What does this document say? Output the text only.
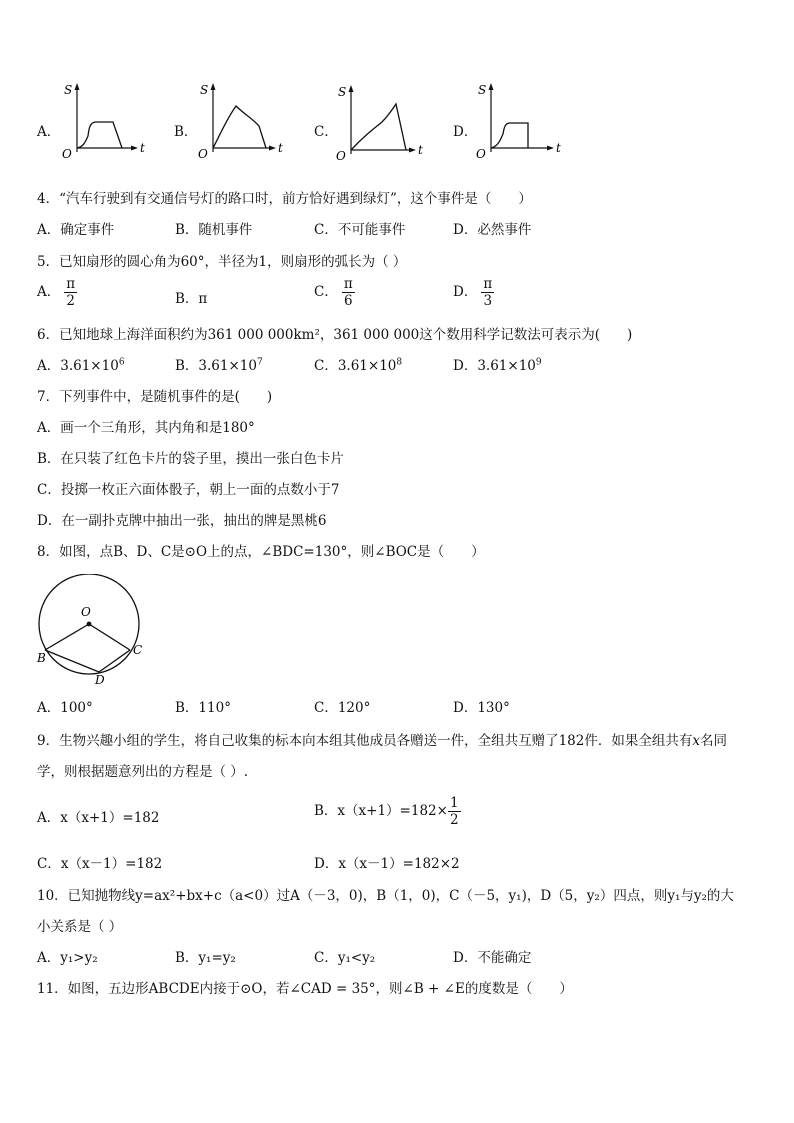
A．
S
O	t
B．
S
O	t
C．
S
O	t
D．
S
O	t
4．“汽车行驶到有交通信号灯的路口时，前方恰好遇到绿灯”，这个事件是（　　）
A．确定事件	B．随机事件	C．不可能事件	D．必然事件
5．已知扇形的圆心角为60°，半径为1，则扇形的弧长为（ ）
A． $\frac{\pi}{2}$	B．π	C． $\frac{\pi}{6}$	D． $\frac{\pi}{3}$
6．已知地球上海洋面积约为361 000 000km²，361 000 000这个数用科学记数法可表示为(　　)
A．$3.61\times 10^6$	B．$3.61\times 10^7$	C．$3.61\times 10^8$	D．$3.61\times 10^9$
7．下列事件中，是随机事件的是(　　)
A．画一个三角形，其内角和是180°
B．在只装了红色卡片的袋子里，摸出一张白色卡片
C．投掷一枚正六面体骰子，朝上一面的点数小于7
D．在一副扑克牌中抽出一张，抽出的牌是黑桃6
8．如图，点B、D、C是⊙O上的点，∠BDC=130°，则∠BOC是（　　）
O
B
C
D
A．100°	B．110°	C．120°	D．130°
9．生物兴趣小组的学生，将自己收集的标本向本组其他成员各赠送一件，全组共互赠了182件．如果全组共有x名同
学，则根据题意列出的方程是（ ）.
A．x（x+1）=182	B．$x(x+1)=182\times \frac{1}{2}$
C．x（x－1）=182	D．x（x－1）=182×2
10．已知抛物线y=ax²+bx+c（a<0）过A（－3，0)，B（1，0)，C（－5，y₁)，D（5，y₂）四点，则y₁与y₂的大
小关系是（ ）
A．y₁>y₂	B．y₁=y₂	C．y₁<y₂	D．不能确定
11．如图，五边形ABCDE内接于⊙O，若∠CAD = 35°，则∠B + ∠E的度数是（　　）
